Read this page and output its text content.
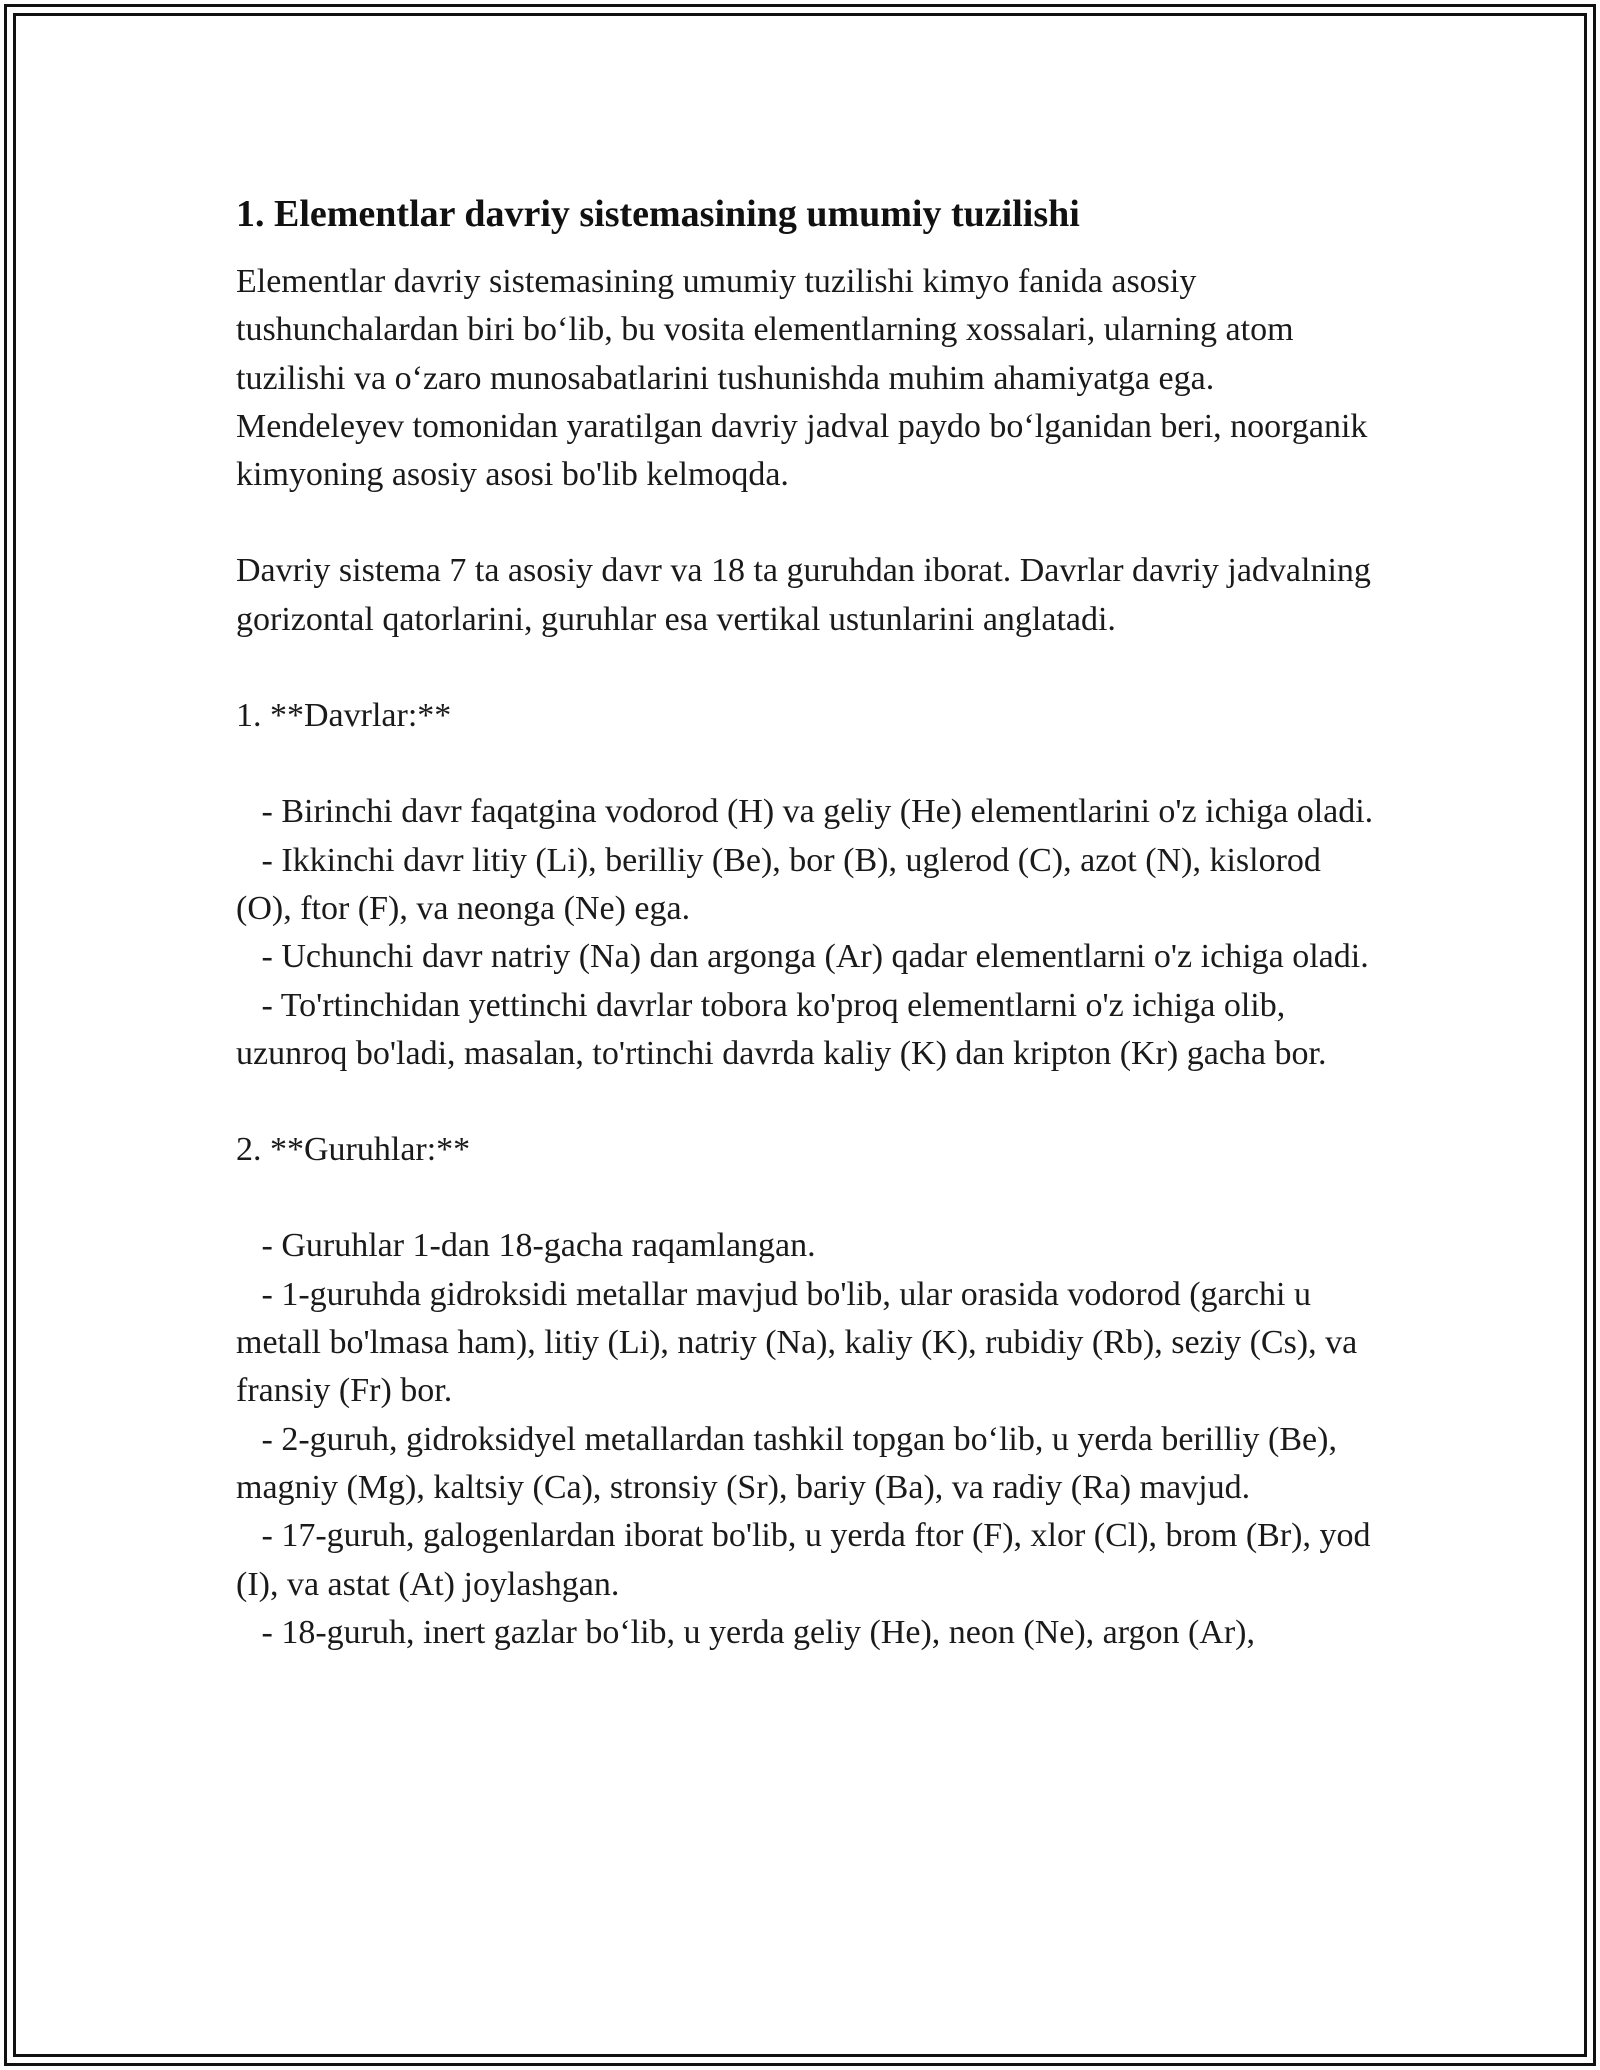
1. Elementlar davriy sistemasining umumiy tuzilishi

Elementlar davriy sistemasining umumiy tuzilishi kimyo fanida asosiy tushunchalardan biri bo‘lib, bu vosita elementlarning xossalari, ularning atom tuzilishi va o‘zaro munosabatlarini tushunishda muhim ahamiyatga ega. Mendeleyev tomonidan yaratilgan davriy jadval paydo bo‘lganidan beri, noorganik kimyoning asosiy asosi bo'lib kelmoqda.

Davriy sistema 7 ta asosiy davr va 18 ta guruhdan iborat. Davrlar davriy jadvalning gorizontal qatorlarini, guruhlar esa vertikal ustunlarini anglatadi.

1. **Davrlar:**

- Birinchi davr faqatgina vodorod (H) va geliy (He) elementlarini o'z ichiga oladi.
- Ikkinchi davr litiy (Li), berilliy (Be), bor (B), uglerod (C), azot (N), kislorod (O), ftor (F), va neonga (Ne) ega.
- Uchunchi davr natriy (Na) dan argonga (Ar) qadar elementlarni o'z ichiga oladi.
- To'rtinchidan yettinchi davrlar tobora ko'proq elementlarni o'z ichiga olib, uzunroq bo'ladi, masalan, to'rtinchi davrda kaliy (K) dan kripton (Kr) gacha bor.

2. **Guruhlar:**

- Guruhlar 1-dan 18-gacha raqamlangan.
- 1-guruhda gidroksidi metallar mavjud bo'lib, ular orasida vodorod (garchi u metall bo'lmasa ham), litiy (Li), natriy (Na), kaliy (K), rubidiy (Rb), seziy (Cs), va fransiy (Fr) bor.
- 2-guruh, gidroksidyel metallardan tashkil topgan bo‘lib, u yerda berilliy (Be), magniy (Mg), kaltsiy (Ca), stronsiy (Sr), bariy (Ba), va radiy (Ra) mavjud.
- 17-guruh, galogenlardan iborat bo'lib, u yerda ftor (F), xlor (Cl), brom (Br), yod (I), va astat (At) joylashgan.
- 18-guruh, inert gazlar bo‘lib, u yerda geliy (He), neon (Ne), argon (Ar),
